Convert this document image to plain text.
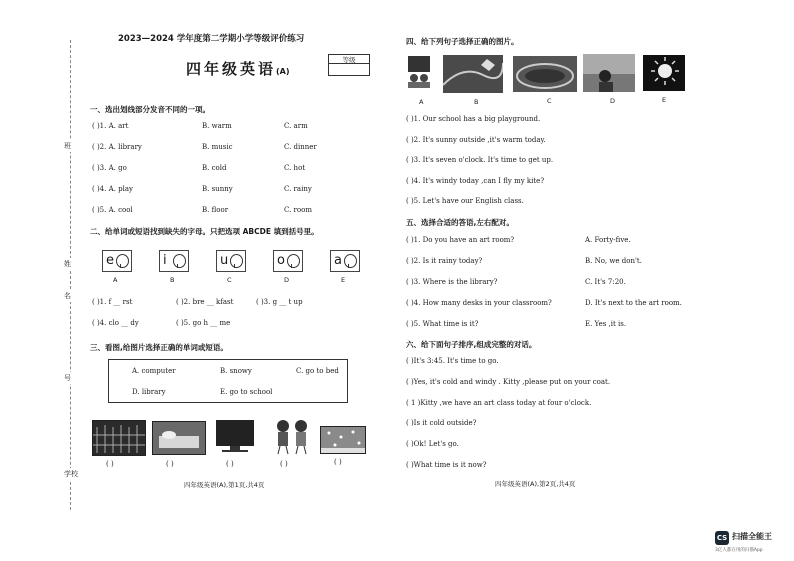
班
姓
名
号
学校
2023—2024 学年度第二学期小学等级评价练习
四年级英语(A)
等级
一、选出划线部分发音不同的一项。
( )1. A. art	B. warm	C. arm
( )2. A. library	B. music	C. dinner
( )3. A. go	B. cold	C. hot
( )4. A. play	B. sunny	C. rainy
( )5. A. cool	B. floor	C. room
二、给单词或短语找到缺失的字母。只把选项 ABCDE 填到括号里。
e
A
i
B
u
C
o
D
a
E
( )1. f __ rst	( )2. bre __ kfast	( )3. g __ t up
( )4. clo __ dy	( )5. go h __ me
三、看图,给图片选择正确的单词或短语。
A. computer	B. snowy	C. go to bed
D. library	E. go to school
( )	( )	( )	( )	( )
四年级英语(A),第1页,共4页
四、给下列句子选择正确的图片。
A	B	C	D	E
( )1. Our school has a big playground.
( )2. It's sunny outside ,it's warm today.
( )3. It's seven o'clock. It's time to get up.
( )4. It's windy today ,can I fly my kite?
( )5. Let's have our English class.
五、选择合适的答语,左右配对。
( )1. Do you have an art room?	A. Forty-five.
( )2. Is it rainy today?	B. No, we don't.
( )3. Where is the library?	C. It's 7:20.
( )4. How many desks in your classroom?	D. It's next to the art room.
( )5. What time is it?	E. Yes ,it is.
六、给下面句子排序,组成完整的对话。
( )It's 3:45. It's time to go.
( )Yes, it's cold and windy . Kitty ,please put on your coat.
( 1 )Kitty ,we have an art class today at four o'clock.
( )Is it cold outside?
( )Ok! Let's go.
( )What time is it now?
四年级英语(A),第2页,共4页
CS 扫描全能王
3亿人都在用的扫描App
